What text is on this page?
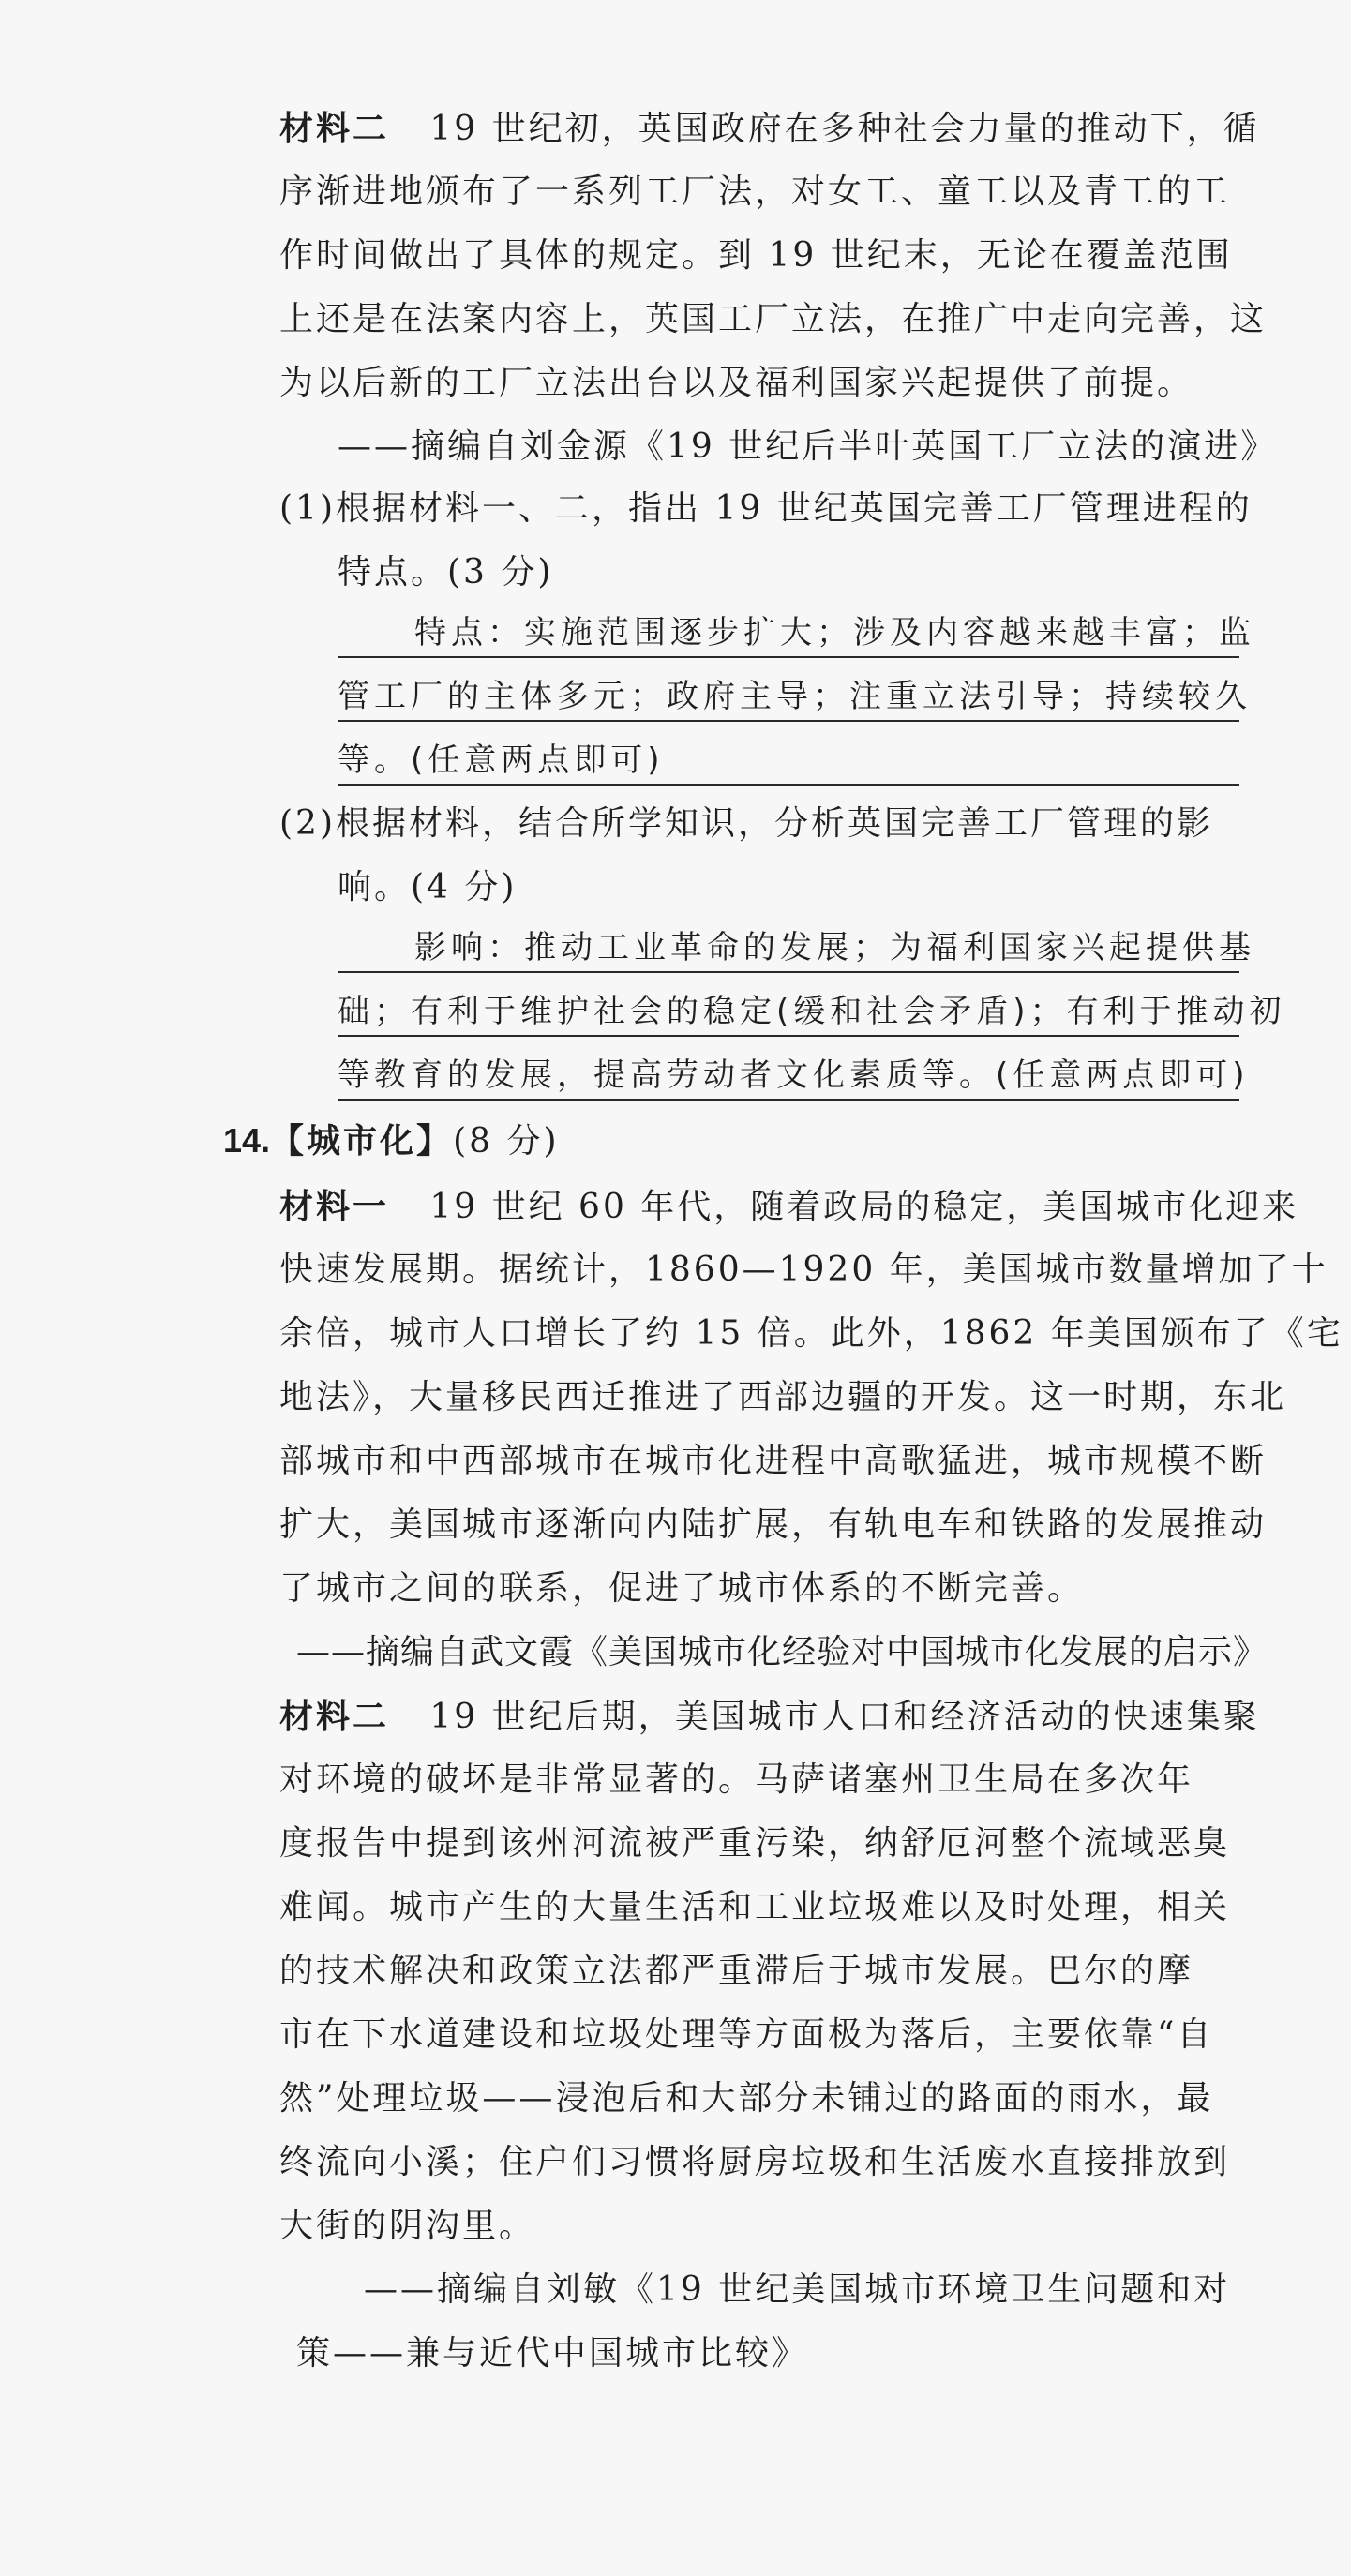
材料二 19 世纪初，英国政府在多种社会力量的推动下，循
序渐进地颁布了一系列工厂法，对女工、童工以及青工的工
作时间做出了具体的规定。到 19 世纪末，无论在覆盖范围
上还是在法案内容上，英国工厂立法，在推广中走向完善，这
为以后新的工厂立法出台以及福利国家兴起提供了前提。
——摘编自刘金源《19 世纪后半叶英国工厂立法的演进》
(1)根据材料一、二，指出 19 世纪英国完善工厂管理进程的
特点。(3 分)
特点：实施范围逐步扩大；涉及内容越来越丰富；监
管工厂的主体多元；政府主导；注重立法引导；持续较久
等。(任意两点即可)
(2)根据材料，结合所学知识，分析英国完善工厂管理的影
响。(4 分)
影响：推动工业革命的发展；为福利国家兴起提供基
础；有利于维护社会的稳定(缓和社会矛盾)；有利于推动初
等教育的发展，提高劳动者文化素质等。(任意两点即可)
14.【城市化】(8 分)
材料一 19 世纪 60 年代，随着政局的稳定，美国城市化迎来
快速发展期。据统计，1860—1920 年，美国城市数量增加了十
余倍，城市人口增长了约 15 倍。此外，1862 年美国颁布了《宅
地法》，大量移民西迁推进了西部边疆的开发。这一时期，东北
部城市和中西部城市在城市化进程中高歌猛进，城市规模不断
扩大，美国城市逐渐向内陆扩展，有轨电车和铁路的发展推动
了城市之间的联系，促进了城市体系的不断完善。
——摘编自武文霞《美国城市化经验对中国城市化发展的启示》
材料二 19 世纪后期，美国城市人口和经济活动的快速集聚
对环境的破坏是非常显著的。马萨诸塞州卫生局在多次年
度报告中提到该州河流被严重污染，纳舒厄河整个流域恶臭
难闻。城市产生的大量生活和工业垃圾难以及时处理，相关
的技术解决和政策立法都严重滞后于城市发展。巴尔的摩
市在下水道建设和垃圾处理等方面极为落后，主要依靠“自
然”处理垃圾——浸泡后和大部分未铺过的路面的雨水，最
终流向小溪；住户们习惯将厨房垃圾和生活废水直接排放到
大街的阴沟里。
——摘编自刘敏《19 世纪美国城市环境卫生问题和对
策——兼与近代中国城市比较》
